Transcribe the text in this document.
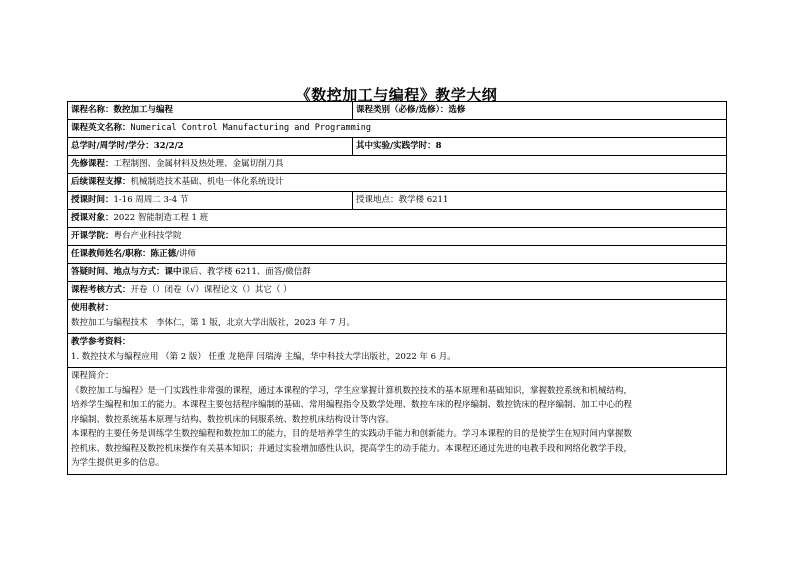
《数控加工与编程》教学大纲
课程名称：数控加工与编程	课程类别（必修/选修）：选修
课程英文名称：Numerical Control Manufacturing and Programming
总学时/周学时/学分：32/2/2	其中实验/实践学时：8
先修课程：工程制图、金属材料及热处理、金属切削刀具
后续课程支撑：机械制造技术基础、机电一体化系统设计
授课时间：1-16 周周二 3-4 节	授课地点：教学楼 6211
授课对象：2022 智能制造工程 1 班
开课学院：粤台产业科技学院
任课教师姓名/职称：陈正德/讲师
答疑时间、地点与方式：课中课后、教学楼 6211、面答/微信群
课程考核方式：开卷（）闭卷（√）课程论文（）其它（ ）
使用教材：
数控加工与编程技术　李体仁，第 1 版，北京大学出版社，2023 年 7 月。
教学参考资料：
1. 数控技术与编程应用 （第 2 版） 任重 龙艳萍 闫瑞涛 主编，华中科技大学出版社，2022 年 6 月。
课程简介：
《数控加工与编程》是一门实践性非常强的课程，通过本课程的学习，学生应掌握计算机数控技术的基本原理和基础知识，掌握数控系统和机械结构，
培养学生编程和加工的能力。本课程主要包括程序编制的基础、常用编程指令及数学处理、数控车床的程序编制、数控铣床的程序编制、加工中心的程
序编制、数控系统基本原理与结构、数控机床的伺服系统、数控机床结构设计等内容。
本课程的主要任务是训练学生数控编程和数控加工的能力，目的是培养学生的实践动手能力和创新能力。学习本课程的目的是使学生在短时间内掌握数
控机床、数控编程及数控机床操作有关基本知识；并通过实验增加感性认识，提高学生的动手能力。本课程还通过先进的电教手段和网络化教学手段，
为学生提供更多的信息。
